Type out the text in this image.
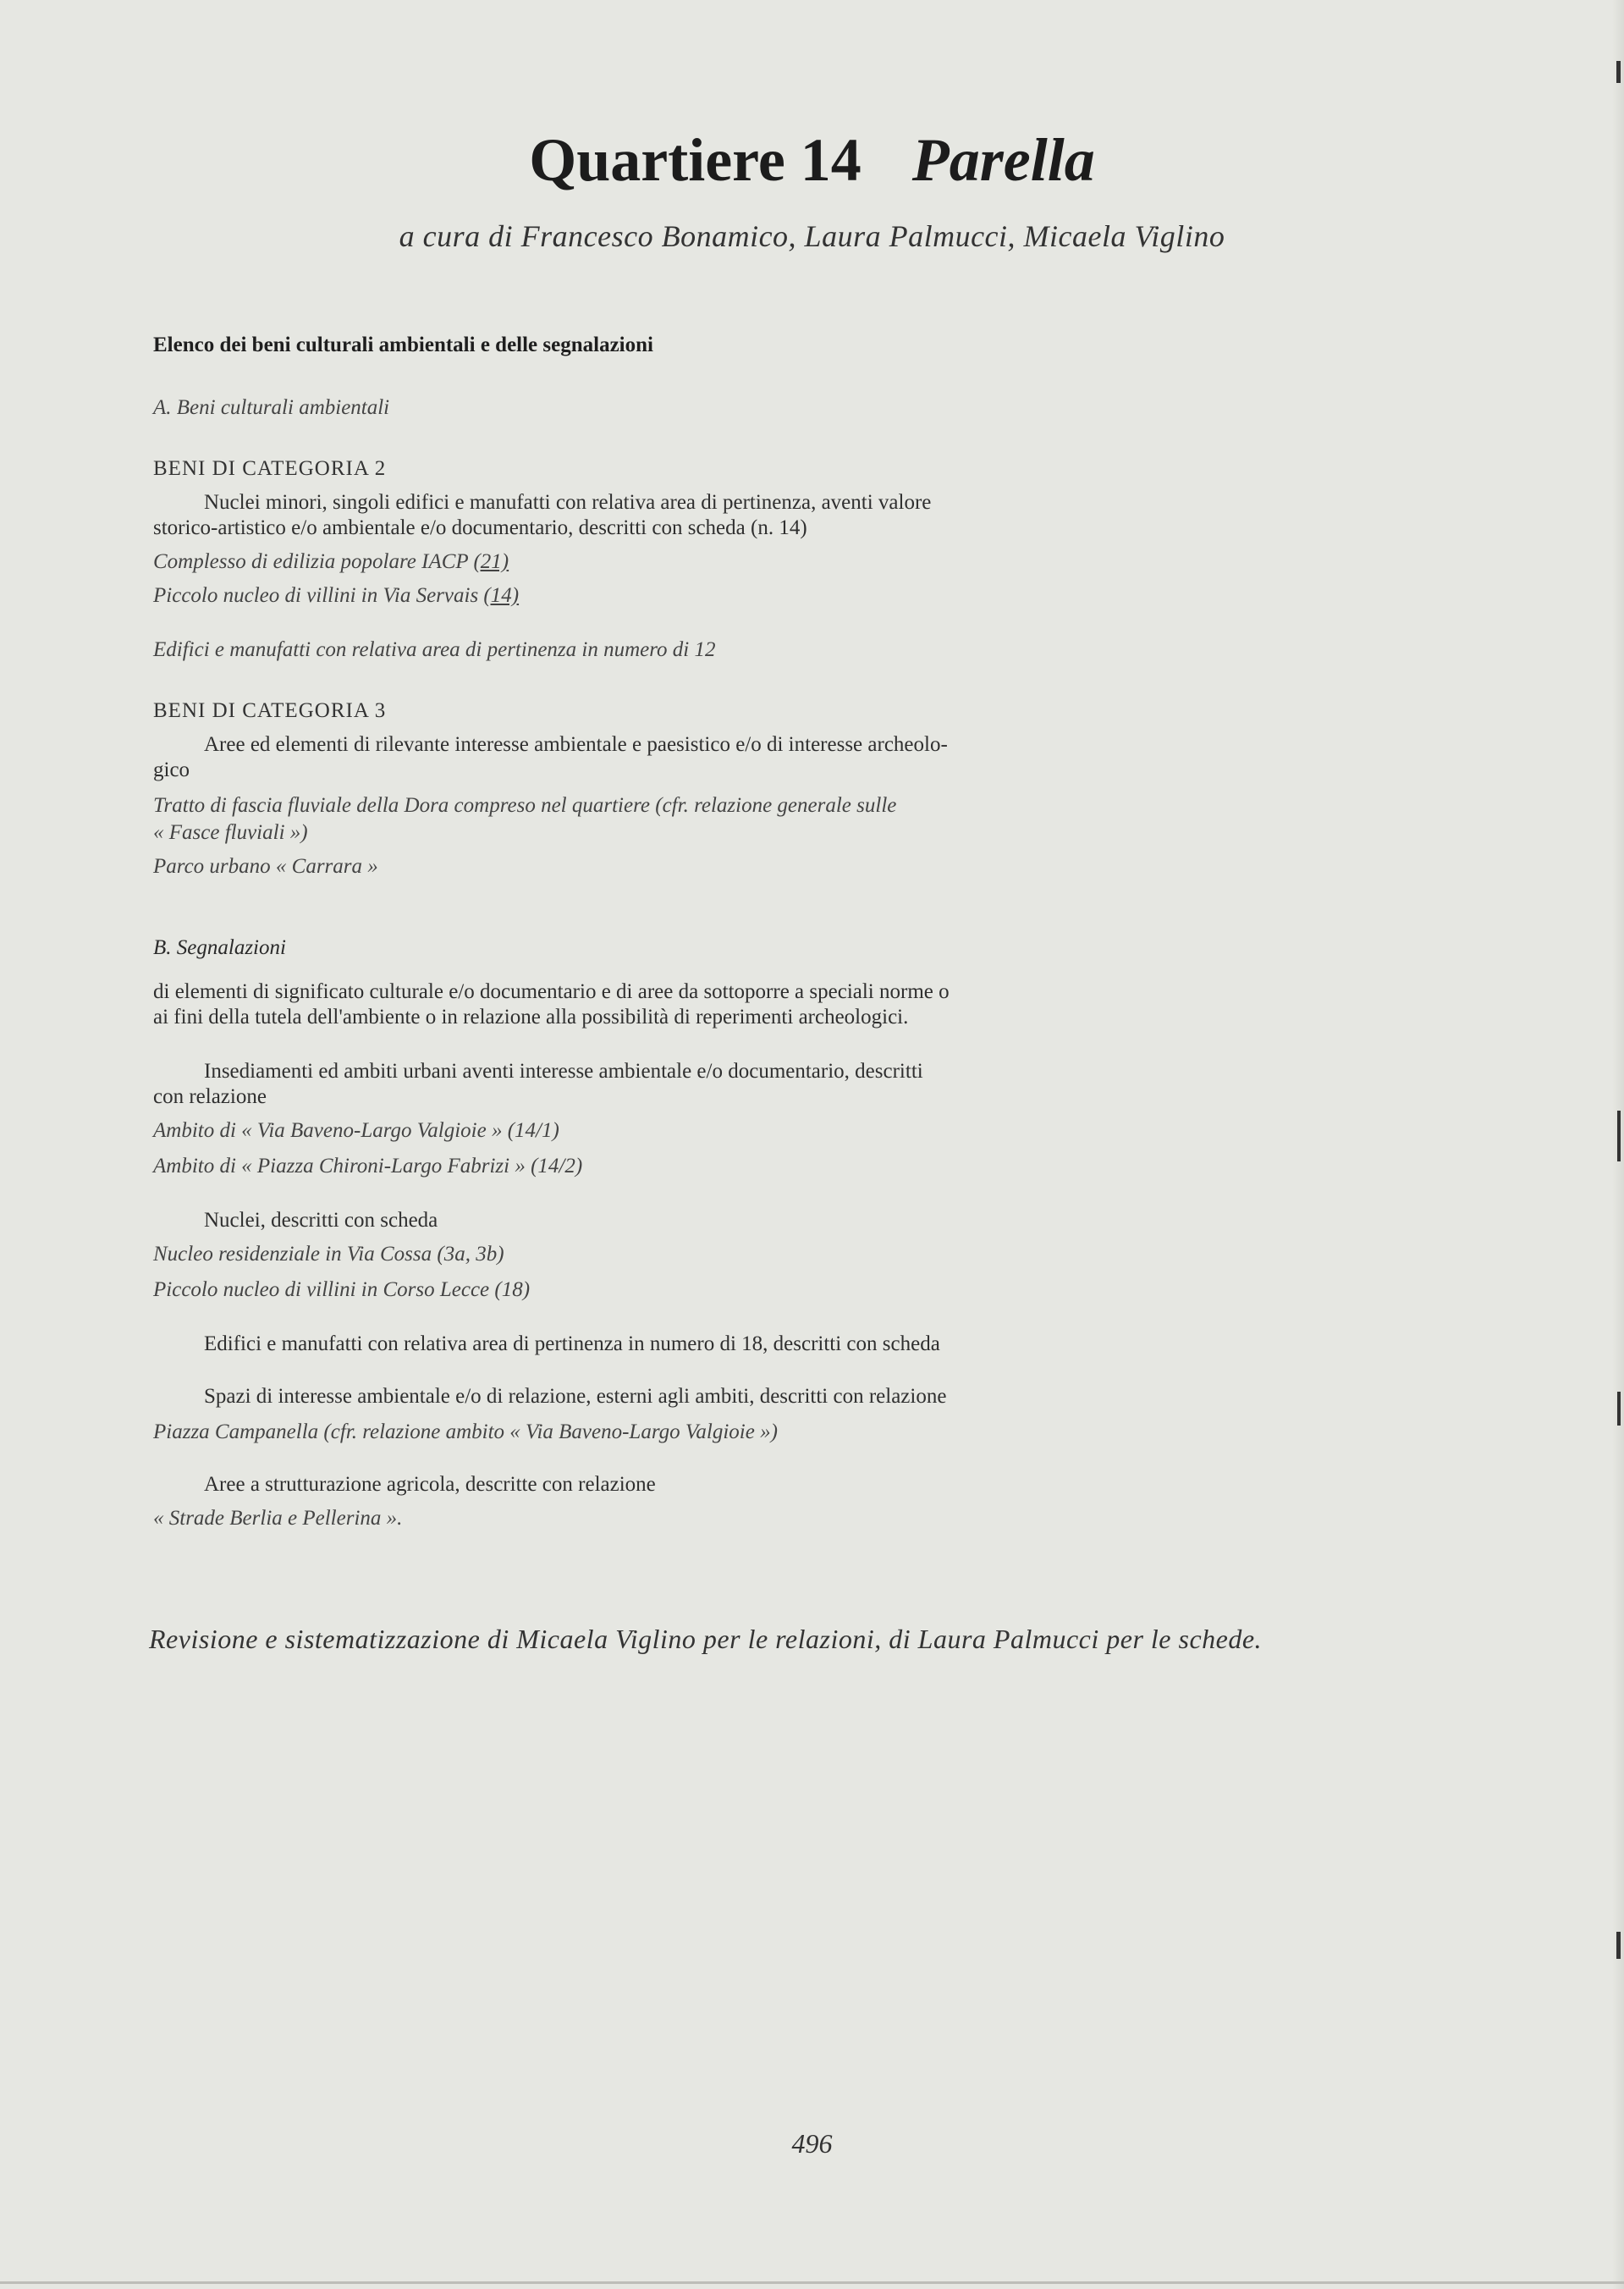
Quartiere 14 Parella
a cura di Francesco Bonamico, Laura Palmucci, Micaela Viglino
Elenco dei beni culturali ambientali e delle segnalazioni
A. Beni culturali ambientali
BENI DI CATEGORIA 2
Nuclei minori, singoli edifici e manufatti con relativa area di pertinenza, aventi valore
storico-artistico e/o ambientale e/o documentario, descritti con scheda (n. 14)
Complesso di edilizia popolare IACP (21)
Piccolo nucleo di villini in Via Servais (14)
Edifici e manufatti con relativa area di pertinenza in numero di 12
BENI DI CATEGORIA 3
Aree ed elementi di rilevante interesse ambientale e paesistico e/o di interesse archeolo-
gico
Tratto di fascia fluviale della Dora compreso nel quartiere (cfr. relazione generale sulle
« Fasce fluviali »)
Parco urbano « Carrara »
B. Segnalazioni
di elementi di significato culturale e/o documentario e di aree da sottoporre a speciali norme o
ai fini della tutela dell'ambiente o in relazione alla possibilità di reperimenti archeologici.
Insediamenti ed ambiti urbani aventi interesse ambientale e/o documentario, descritti
con relazione
Ambito di « Via Baveno-Largo Valgioie » (14/1)
Ambito di « Piazza Chironi-Largo Fabrizi » (14/2)
Nuclei, descritti con scheda
Nucleo residenziale in Via Cossa (3a, 3b)
Piccolo nucleo di villini in Corso Lecce (18)
Edifici e manufatti con relativa area di pertinenza in numero di 18, descritti con scheda
Spazi di interesse ambientale e/o di relazione, esterni agli ambiti, descritti con relazione
Piazza Campanella (cfr. relazione ambito « Via Baveno-Largo Valgioie »)
Aree a strutturazione agricola, descritte con relazione
« Strade Berlia e Pellerina ».
Revisione e sistematizzazione di Micaela Viglino per le relazioni, di Laura Palmucci per le schede.
496
